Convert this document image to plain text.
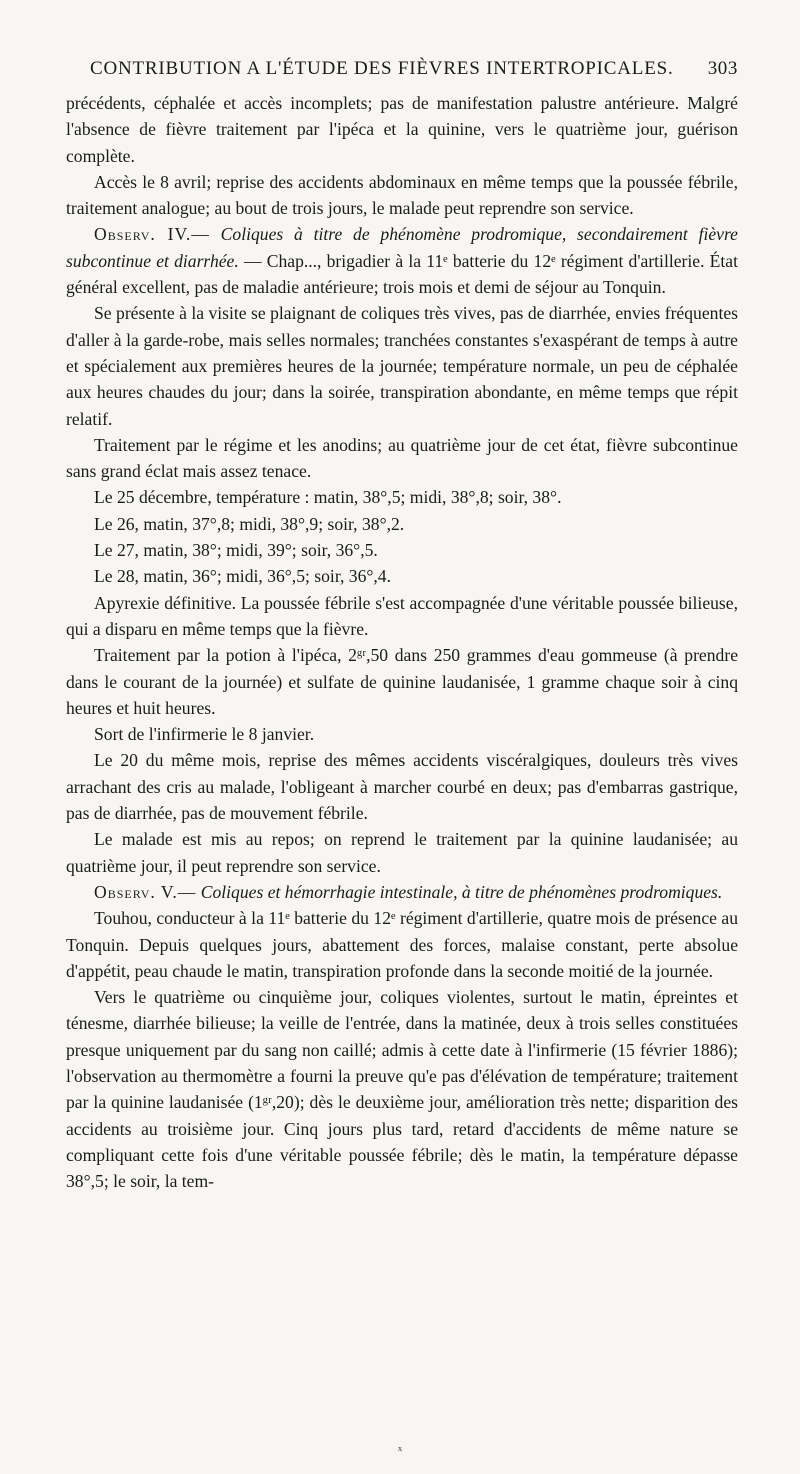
CONTRIBUTION A L'ÉTUDE DES FIÈVRES INTERTROPICALES. 303

précédents, céphalée et accès incomplets; pas de manifestation palustre antérieure. Malgré l'absence de fièvre traitement par l'ipéca et la quinine, vers le quatrième jour, guérison complète.

Accès le 8 avril; reprise des accidents abdominaux en même temps que la poussée fébrile, traitement analogue; au bout de trois jours, le malade peut reprendre son service.

Observ. IV.— Coliques à titre de phénomène prodromique, secondairement fièvre subcontinue et diarrhée. — Chap..., brigadier à la 11ᵉ batterie du 12ᵉ régiment d'artillerie. État général excellent, pas de maladie antérieure; trois mois et demi de séjour au Tonquin.

Se présente à la visite se plaignant de coliques très vives, pas de diarrhée, envies fréquentes d'aller à la garde-robe, mais selles normales; tranchées constantes s'exaspérant de temps à autre et spécialement aux premières heures de la journée; température normale, un peu de céphalée aux heures chaudes du jour; dans la soirée, transpiration abondante, en même temps que répit relatif.

Traitement par le régime et les anodins; au quatrième jour de cet état, fièvre subcontinue sans grand éclat mais assez tenace.

Le 25 décembre, température : matin, 38°,5; midi, 38°,8; soir, 38°.

Le 26, matin, 37°,8; midi, 38°,9; soir, 38°,2.

Le 27, matin, 38°; midi, 39°; soir, 36°,5.

Le 28, matin, 36°; midi, 36°,5; soir, 36°,4.

Apyrexie définitive. La poussée fébrile s'est accompagnée d'une véritable poussée bilieuse, qui a disparu en même temps que la fièvre.

Traitement par la potion à l'ipéca, 2ᵍʳ,50 dans 250 grammes d'eau gommeuse (à prendre dans le courant de la journée) et sulfate de quinine laudanisée, 1 gramme chaque soir à cinq heures et huit heures.

Sort de l'infirmerie le 8 janvier.

Le 20 du même mois, reprise des mêmes accidents viscéralgiques, douleurs très vives arrachant des cris au malade, l'obligeant à marcher courbé en deux; pas d'embarras gastrique, pas de diarrhée, pas de mouvement fébrile.

Le malade est mis au repos; on reprend le traitement par la quinine laudanisée; au quatrième jour, il peut reprendre son service.

Observ. V.— Coliques et hémorrhagie intestinale, à titre de phénomènes prodromiques.

Touhou, conducteur à la 11ᵉ batterie du 12ᵉ régiment d'artillerie, quatre mois de présence au Tonquin. Depuis quelques jours, abattement des forces, malaise constant, perte absolue d'appétit, peau chaude le matin, transpiration profonde dans la seconde moitié de la journée.

Vers le quatrième ou cinquième jour, coliques violentes, surtout le matin, épreintes et ténesme, diarrhée bilieuse; la veille de l'entrée, dans la matinée, deux à trois selles constituées presque uniquement par du sang non caillé; admis à cette date à l'infirmerie (15 février 1886); l'observation au thermomètre a fourni la preuve qu'e pas d'élévation de température; traitement par la quinine laudanisée (1ᵍʳ,20); dès le deuxième jour, amélioration très nette; disparition des accidents au troisième jour. Cinq jours plus tard, retard d'accidents de même nature se compliquant cette fois d'une véritable poussée fébrile; dès le matin, la température dépasse 38°,5; le soir, la tem-

ˣ
